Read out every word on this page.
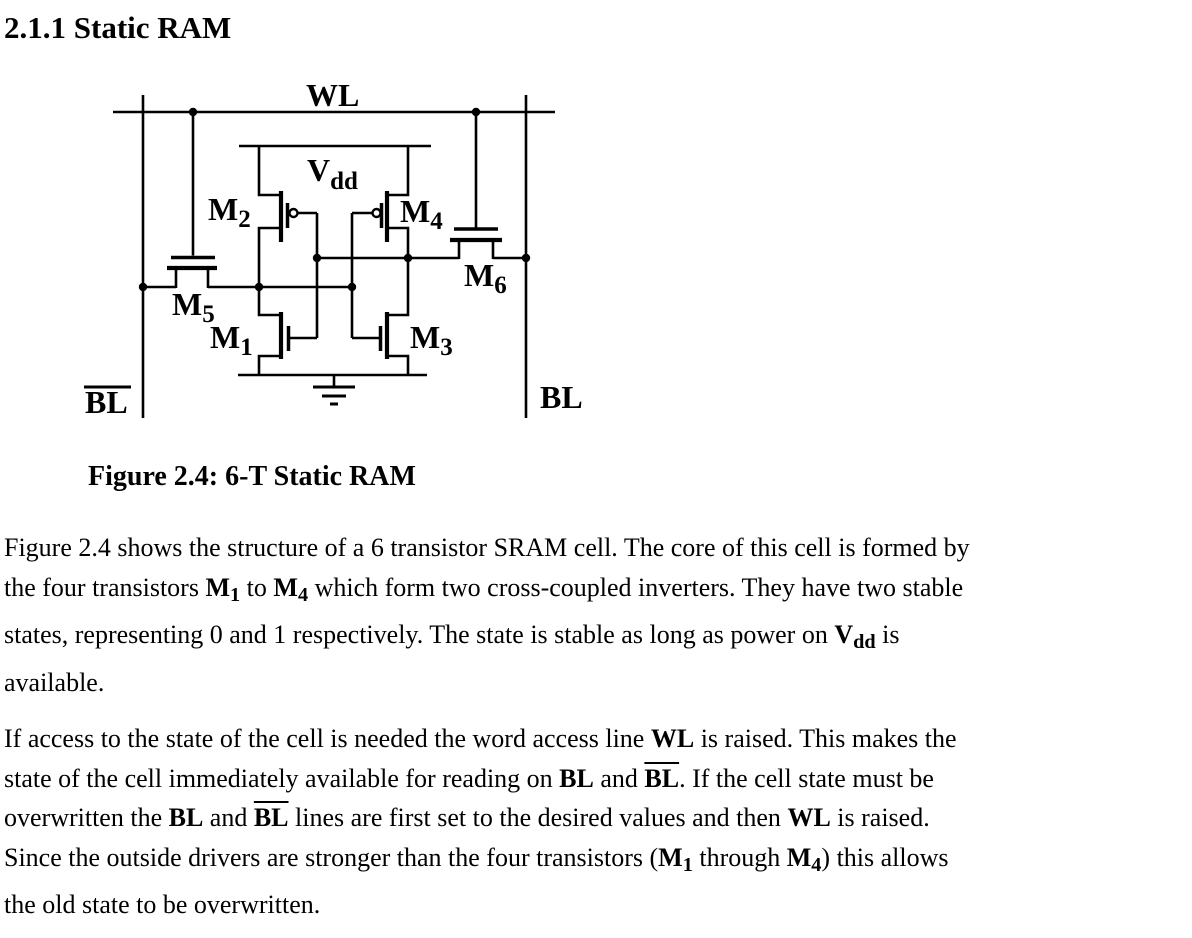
2.1.1 Static RAM
WL
$V_{dd}$
$M_2$	$M_4$
$M_5$
$M_1$	$M_3$
$M_6$
BL	BL
Figure 2.4: 6-T Static RAM
Figure 2.4 shows the structure of a 6 transistor SRAM cell. The core of this cell is formed by
the four transistors $M_1$ to $M_4$ which form two cross-coupled inverters. They have two stable
states, representing 0 and 1 respectively. The state is stable as long as power on $V_{dd}$ is
available.
If access to the state of the cell is needed the word access line WL is raised. This makes the
state of the cell immediately available for reading on BL and $\overline{BL}$. If the cell state must be
overwritten the BL and $\overline{BL}$ lines are first set to the desired values and then WL is raised.
Since the outside drivers are stronger than the four transistors ($M_1$ through $M_4$) this allows
the old state to be overwritten.
